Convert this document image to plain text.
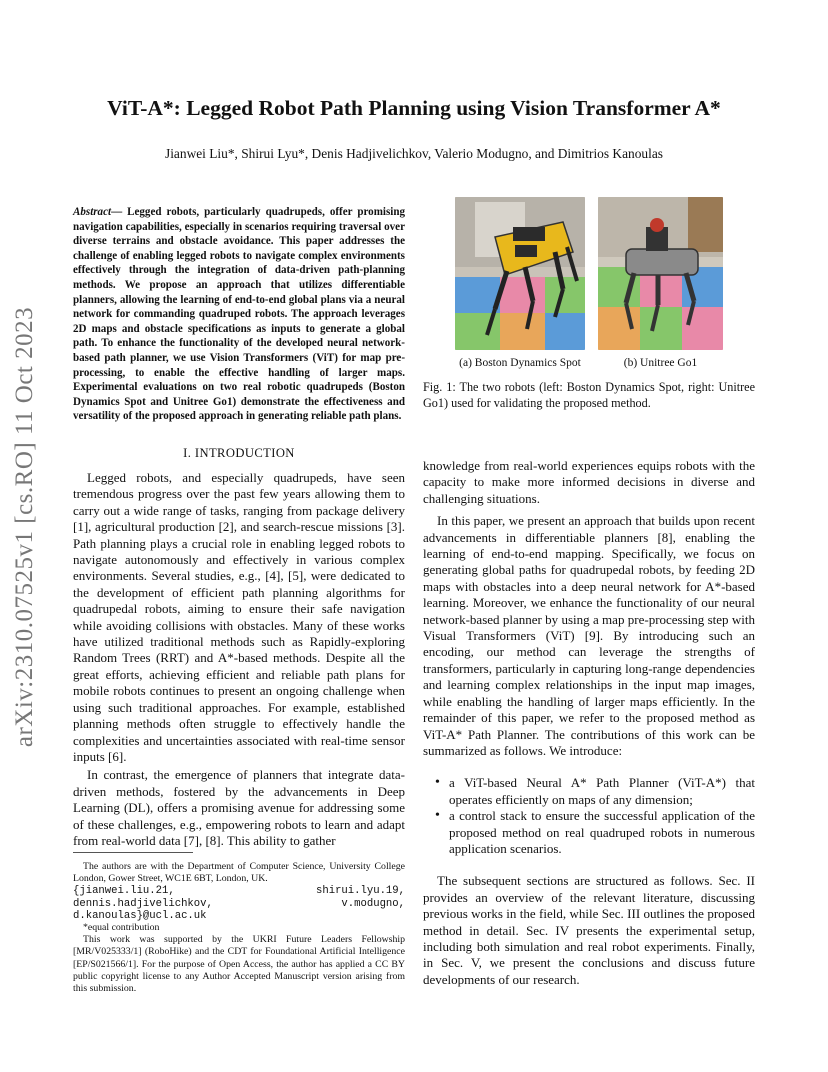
arXiv:2310.07525v1 [cs.RO] 11 Oct 2023
ViT-A*: Legged Robot Path Planning using Vision Transformer A*
Jianwei Liu*, Shirui Lyu*, Denis Hadjivelichkov, Valerio Modugno, and Dimitrios Kanoulas
Abstract— Legged robots, particularly quadrupeds, offer promising navigation capabilities, especially in scenarios requiring traversal over diverse terrains and obstacle avoidance. This paper addresses the challenge of enabling legged robots to navigate complex environments effectively through the integration of data-driven path-planning methods. We propose an approach that utilizes differentiable planners, allowing the learning of end-to-end global plans via a neural network for commanding quadruped robots. The approach leverages 2D maps and obstacle specifications as inputs to generate a global path. To enhance the functionality of the developed neural network-based path planner, we use Vision Transformers (ViT) for map pre-processing, to enable the effective handling of larger maps. Experimental evaluations on two real robotic quadrupeds (Boston Dynamics Spot and Unitree Go1) demonstrate the effectiveness and versatility of the proposed approach in generating reliable path plans.
I. INTRODUCTION

Legged robots, and especially quadrupeds, have seen tremendous progress over the past few years allowing them to carry out a wide range of tasks, ranging from package delivery [1], agricultural production [2], and search-rescue missions [3]. Path planning plays a crucial role in enabling legged robots to navigate autonomously and effectively in various complex environments. Several studies, e.g., [4], [5], were dedicated to the development of efficient path planning algorithms for quadrupedal robots, aiming to ensure their safe navigation while avoiding collisions with obstacles. Many of these works have utilized traditional methods such as Rapidly-exploring Random Trees (RRT) and A*-based methods. Despite all the great efforts, achieving efficient and reliable path plans for mobile robots continues to present an ongoing challenge when using such traditional approaches. For example, established planning methods often struggle to effectively handle the complexities and uncertainties associated with real-time sensor inputs [6].

In contrast, the emergence of planners that integrate data-driven methods, fostered by the advancements in Deep Learning (DL), offers a promising avenue for addressing some of these challenges, e.g., empowering robots to learn and adapt from real-world data [7], [8]. This ability to gather

The authors are with the Department of Computer Science, University College London, Gower Street, WC1E 6BT, London, UK.

{jianwei.liu.21, shirui.lyu.19, dennis.hadjivelichkov, v.modugno, d.kanoulas}@ucl.ac.uk

*equal contribution

This work was supported by the UKRI Future Leaders Fellowship [MR/V025333/1] (RoboHike) and the CDT for Foundational Artificial Intelligence [EP/S021566/1]. For the purpose of Open Access, the author has applied a CC BY public copyright license to any Author Accepted Manuscript version arising from this submission.

(a) Boston Dynamics Spot	(b) Unitree Go1
Fig. 1: The two robots (left: Boston Dynamics Spot, right: Unitree Go1) used for validating the proposed method.

knowledge from real-world experiences equips robots with the capacity to make more informed decisions in diverse and challenging situations.

In this paper, we present an approach that builds upon recent advancements in differentiable planners [8], enabling the learning of end-to-end mapping. Specifically, we focus on generating global paths for quadrupedal robots, by feeding 2D maps with obstacles into a deep neural network for A*-based learning. Moreover, we enhance the functionality of our neural network-based planner by using a map pre-processing step with Visual Transformers (ViT) [9]. By introducing such an encoding, our method can leverage the strengths of transformers, particularly in capturing long-range dependencies and learning complex relationships in the input map images, while enabling the handling of larger maps efficiently. In the remainder of this paper, we refer to the proposed method as ViT-A* Path Planner. The contributions of this work can be summarized as follows. We introduce:

• a ViT-based Neural A* Path Planner (ViT-A*) that operates efficiently on maps of any dimension;
• a control stack to ensure the successful application of the proposed method on real quadruped robots in numerous application scenarios.

The subsequent sections are structured as follows. Sec. II provides an overview of the relevant literature, discussing previous works in the field, while Sec. III outlines the proposed method in detail. Sec. IV presents the experimental setup, including both simulation and real robot experiments. Finally, in Sec. V, we present the conclusions and discuss future developments of our research.
